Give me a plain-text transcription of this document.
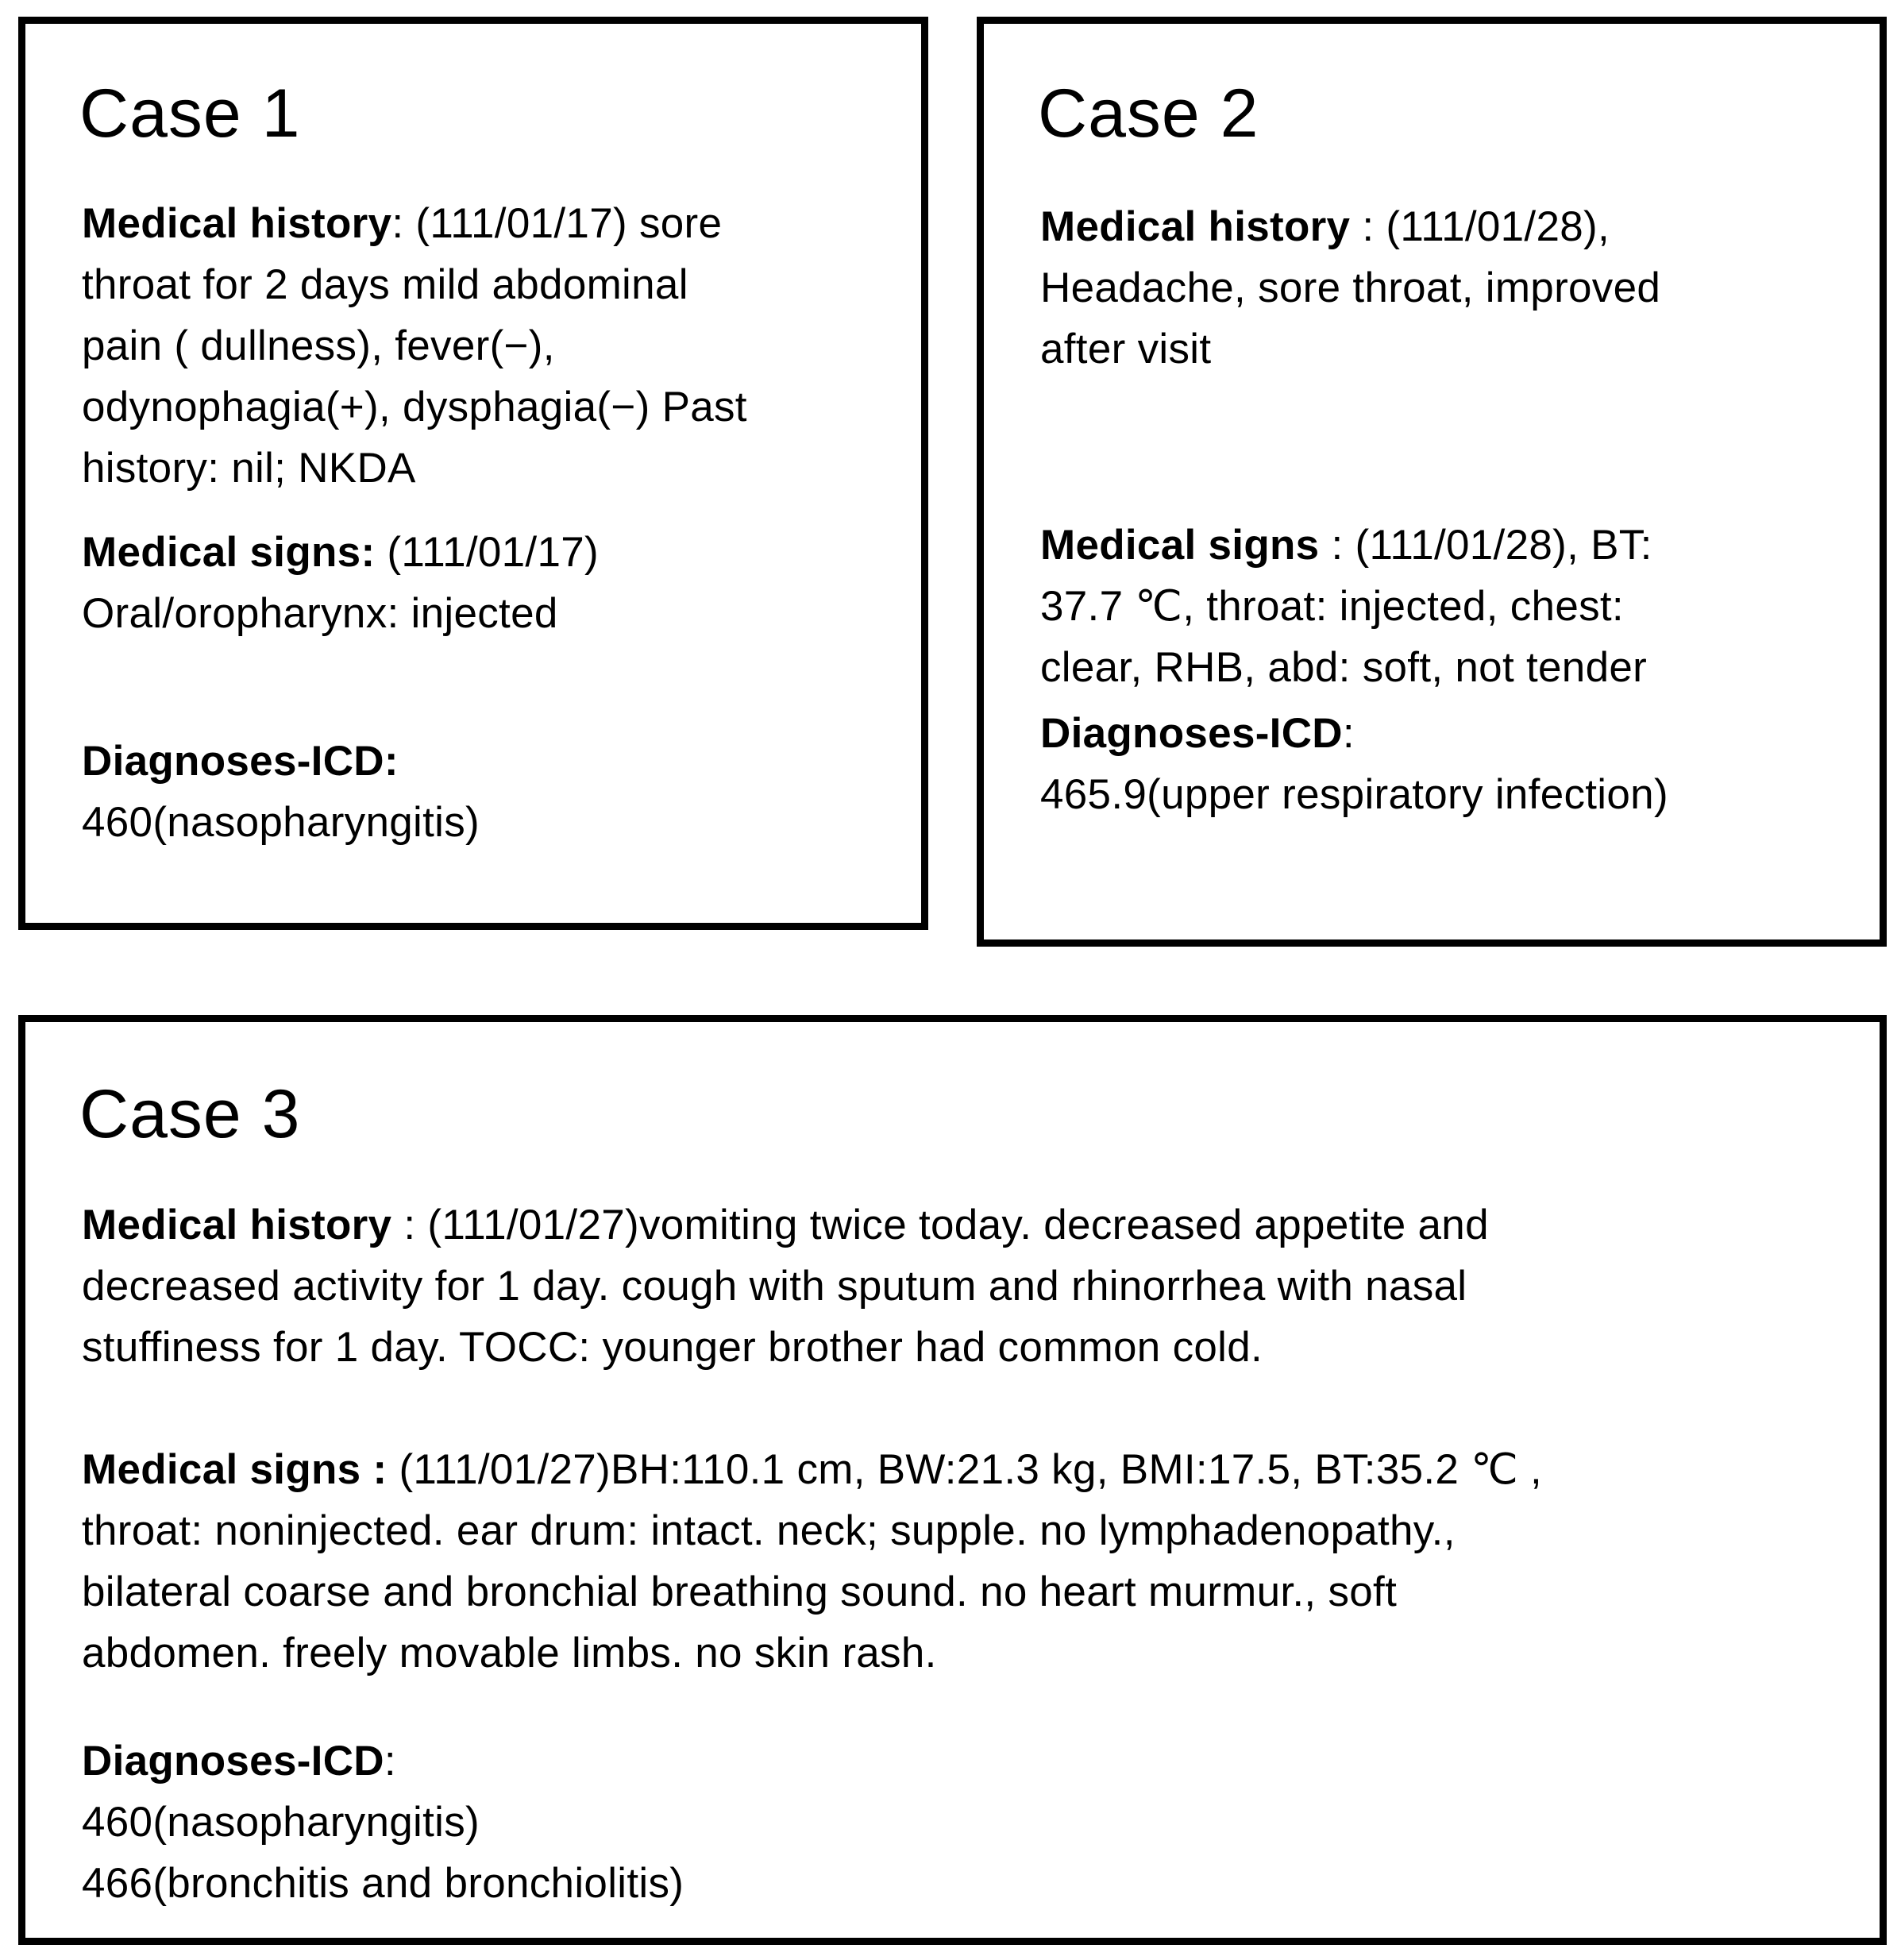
Case 1
Medical history: (111/01/17) sore
throat for 2 days mild abdominal
pain ( dullness), fever(−),
odynophagia(+), dysphagia(−) Past
history: nil; NKDA
Medical signs: (111/01/17)
Oral/oropharynx: injected
Diagnoses-ICD:
460(nasopharyngitis)
Case 2
Medical history : (111/01/28),
Headache, sore throat, improved
after visit
Medical signs : (111/01/28), BT:
37.7 ℃, throat: injected, chest:
clear, RHB, abd: soft, not tender
Diagnoses-ICD:
465.9(upper respiratory infection)
Case 3
Medical history : (111/01/27)vomiting twice today. decreased appetite and
decreased activity for 1 day. cough with sputum and rhinorrhea with nasal
stuffiness for 1 day. TOCC: younger brother had common cold.
Medical signs : (111/01/27)BH:110.1 cm, BW:21.3 kg, BMI:17.5, BT:35.2 ℃ ,
throat: noninjected. ear drum: intact. neck; supple. no lymphadenopathy.,
bilateral coarse and bronchial breathing sound. no heart murmur., soft
abdomen. freely movable limbs. no skin rash.
Diagnoses-ICD:
460(nasopharyngitis)
466(bronchitis and bronchiolitis)
